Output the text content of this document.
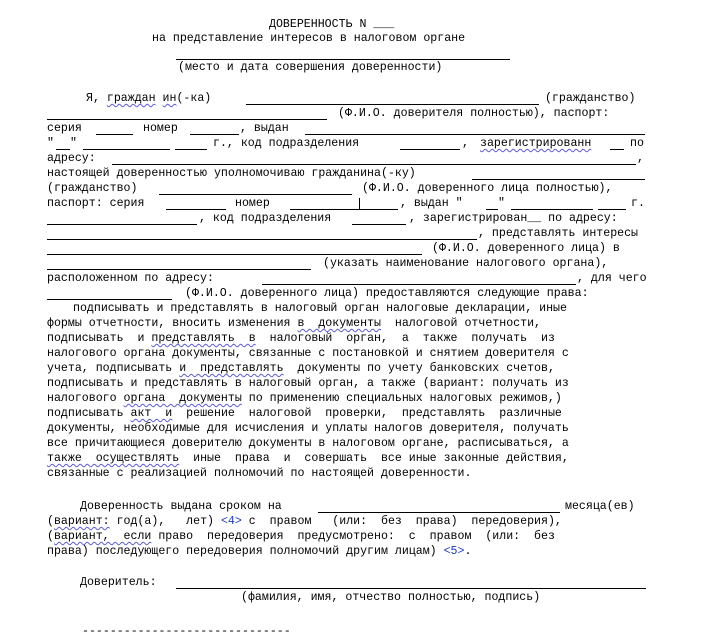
ДОВЕРЕННОСТЬ N ___
на представление интересов в налоговом органе
(место и дата совершения доверенности)
Я, граждан ин(-ка)	(гражданство)
(Ф.И.О. доверителя полностью), паспорт:
серия	номер	, выдан
" "	г., код подразделения	, зарегистрированн	по
адресу:	,
настоящей доверенностью уполномочиваю гражданина(-ку)
(гражданство)	(Ф.И.О. доверенного лица полностью),
паспорт: серия	номер	, выдан "	"	г.
, код подразделения	, зарегистрирован__ по адресу:
, представлять интересы
(Ф.И.О. доверенного лица) в
(указать наименование налогового органа),
расположенном по адресу:	, для чего
(Ф.И.О. доверенного лица) предоставляются следующие права:
подписывать и представлять в налоговый орган налоговые декларации, иные
формы отчетности, вносить изменения в  документы  налоговой отчетности,
подписывать  и представлять  в  налоговый  орган,  а  также  получать  из
налогового органа документы, связанные с постановкой и снятием доверителя с
учета, подписывать и  представлять  документы по учету банковских счетов,
подписывать и представлять в налоговый орган, а также (вариант: получать из
налогового органа  документы по применению специальных налоговых режимов,)
подписывать акт  и  решение  налоговой  проверки,  представлять  различные
документы, необходимые для исчисления и уплаты налогов доверителя, получать
все причитающиеся доверителю документы в налоговом органе, расписываться, а
также  осуществлять  иные  права  и  совершать  все иные законные действия,
связанные с реализацией полномочий по настоящей доверенности.
Доверенность выдана сроком на	месяца(ев)
(вариант: год(а),   лет) <4> с  правом   (или:  без  права)  передоверия),
(вариант,  если право  передоверия  предусмотрено:  с  правом  (или:  без
права) последующего передоверия полномочий другим лицам) <5>.
Доверитель:
(фамилия, имя, отчество полностью, подпись)
------------------------------
